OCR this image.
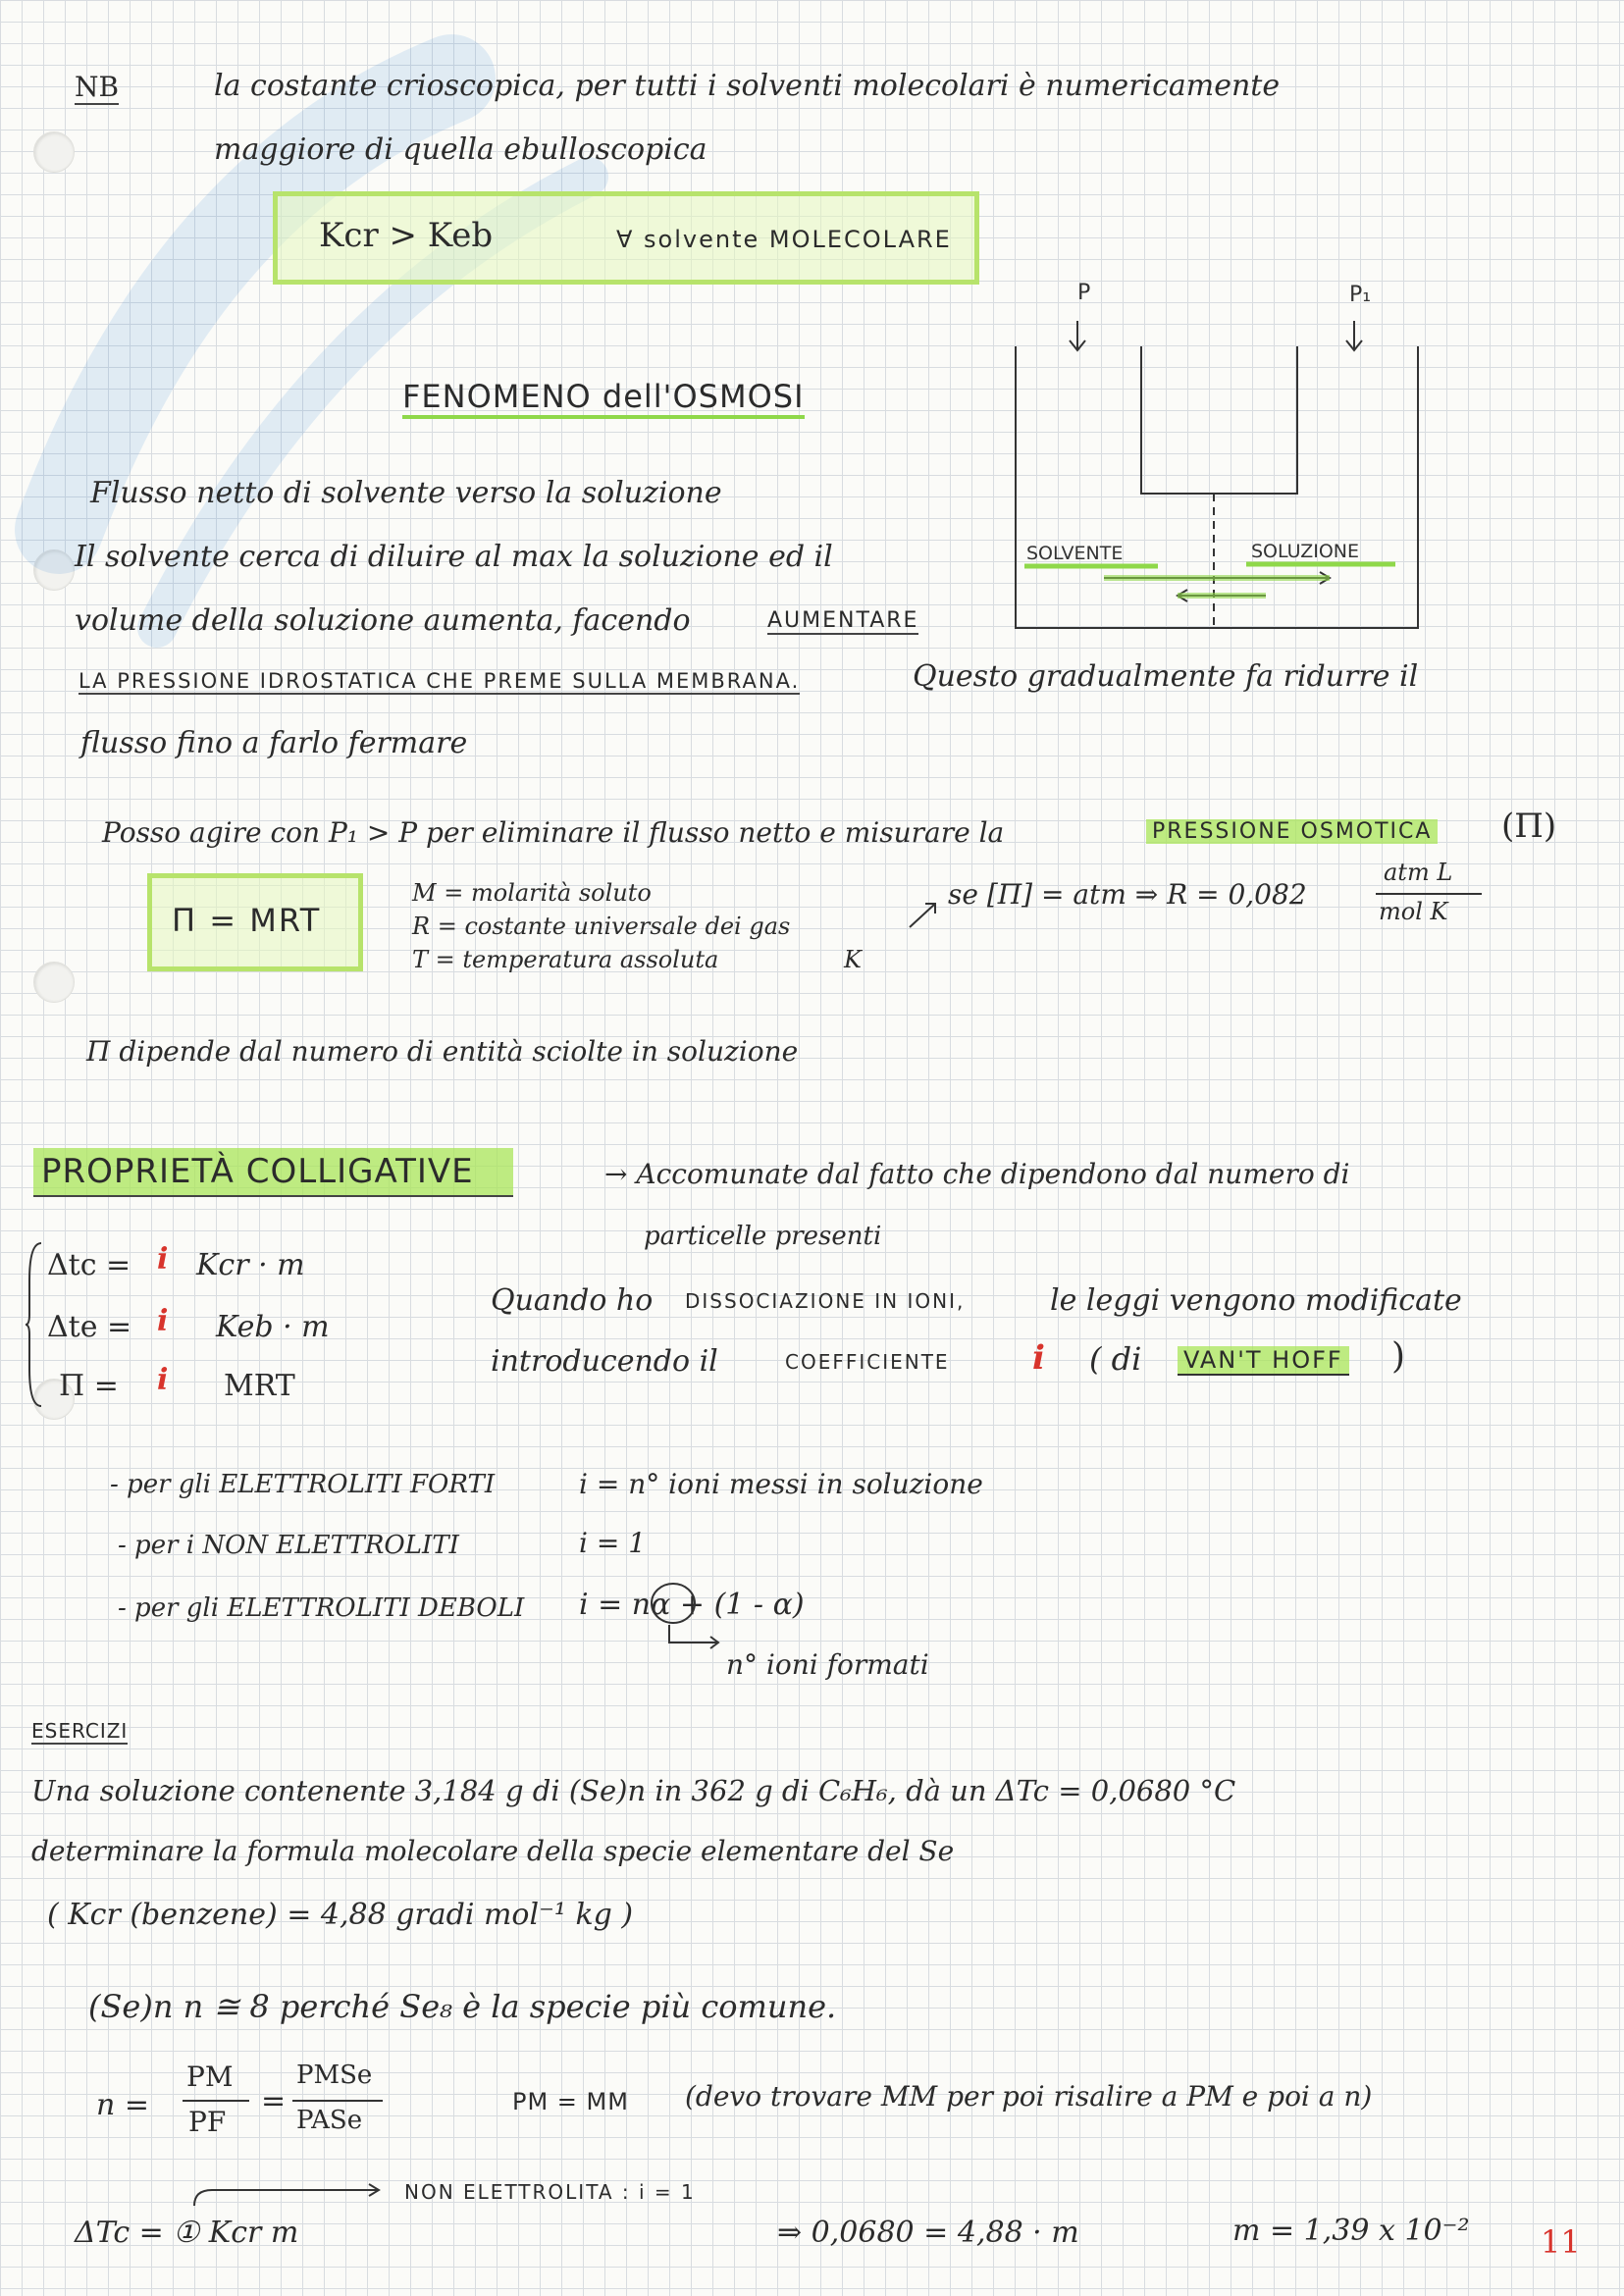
NB	la costante crioscopica, per tutti i solventi molecolari è numericamente
maggiore di quella ebulloscopica
Kcr > Keb	∀ solvente MOLECOLARE
FENOMENO dell'OSMOSI
P	P₁
SOLVENTE	SOLUZIONE
Flusso netto di solvente verso la soluzione
Il solvente cerca di diluire al max la soluzione ed il
volume della soluzione aumenta, facendo	AUMENTARE
LA PRESSIONE IDROSTATICA CHE PREME SULLA MEMBRANA.	Questo gradualmente fa ridurre il
flusso fino a farlo fermare
Posso agire con P₁ > P per eliminare il flusso netto e misurare la	PRESSIONE OSMOTICA (Π)
Π = MRT
M = molarità soluto
R = costante universale dei gas
T = temperatura assoluta	K
se [Π] = atm ⇒ R = 0,082
atm L
mol K
Π dipende dal numero di entità sciolte in soluzione
PROPRIETÀ COLLIGATIVE	→ Accomunate dal fatto che dipendono dal numero di
particelle presenti
Δtc = i Kcr · m
Δte = i Keb · m
Π = i MRT
Quando ho DISSOCIAZIONE IN IONI,	le leggi vengono modificate
introducendo il	COEFFICIENTE i ( di VAN'T HOFF )
- per gli ELETTROLITI FORTI	i = n° ioni messi in soluzione
- per i NON ELETTROLITI	i = 1
- per gli ELETTROLITI DEBOLI i = nα + (1 - α)
n° ioni formati
ESERCIZI
Una soluzione contenente 3,184 g di (Se)n in 362 g di C₆H₆, dà un ΔTc = 0,0680 °C
determinare la formula molecolare della specie elementare del Se
( Kcr (benzene) = 4,88 gradi mol⁻¹ kg )
(Se)n n ≅ 8 perché Se₈ è la specie più comune.
n =
PM
PF
=
PMSe
PASe
PM = MM (devo trovare MM per poi risalire a PM e poi a n)
ΔTc = ① Kcr m
NON ELETTROLITA : i = 1
⇒ 0,0680 = 4,88 · m	m = 1,39 x 10⁻² 11
